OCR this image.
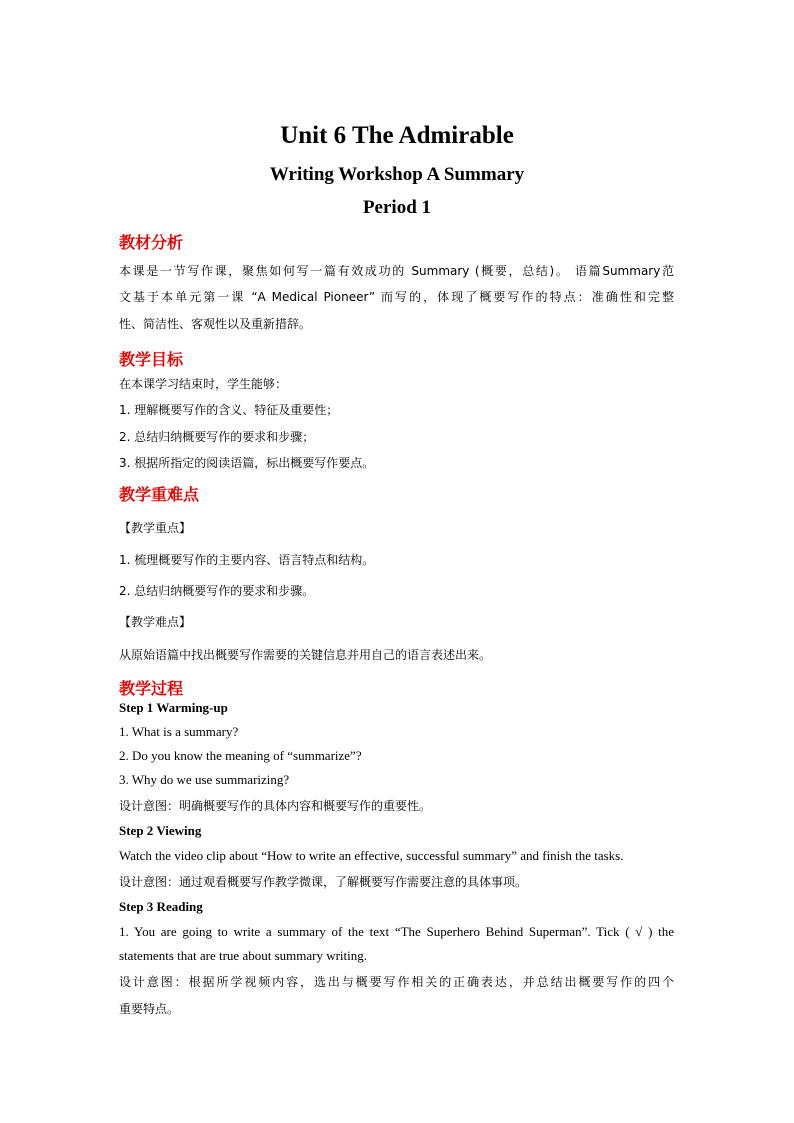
Unit 6 The Admirable
Writing Workshop A Summary
Period 1
教材分析
本课是一节写作课，聚焦如何写一篇有效成功的 Summary (概要，总结)。 语篇Summary范
文基于本单元第一课 “A Medical Pioneer” 而写的，体现了概要写作的特点：准确性和完整
性、简洁性、客观性以及重新措辞。
教学目标
在本课学习结束时，学生能够：
1. 理解概要写作的含义、特征及重要性；
2. 总结归纳概要写作的要求和步骤；
3. 根据所指定的阅读语篇，标出概要写作要点。
教学重难点
【教学重点】
1. 梳理概要写作的主要内容、语言特点和结构。
2. 总结归纳概要写作的要求和步骤。
【教学难点】
从原始语篇中找出概要写作需要的关键信息并用自己的语言表述出来。
教学过程
Step 1 Warming-up
1. What is a summary?
2. Do you know the meaning of “summarize”?
3. Why do we use summarizing?
设计意图：明确概要写作的具体内容和概要写作的重要性。
Step 2 Viewing
Watch the video clip about “How to write an effective, successful summary” and finish the tasks.
设计意图：通过观看概要写作教学微课，了解概要写作需要注意的具体事项。
Step 3 Reading
1. You are going to write a summary of the text “The Superhero Behind Superman”. Tick ( √ ) the
statements that are true about summary writing.
设计意图：根据所学视频内容，选出与概要写作相关的正确表达，并总结出概要写作的四个
重要特点。
